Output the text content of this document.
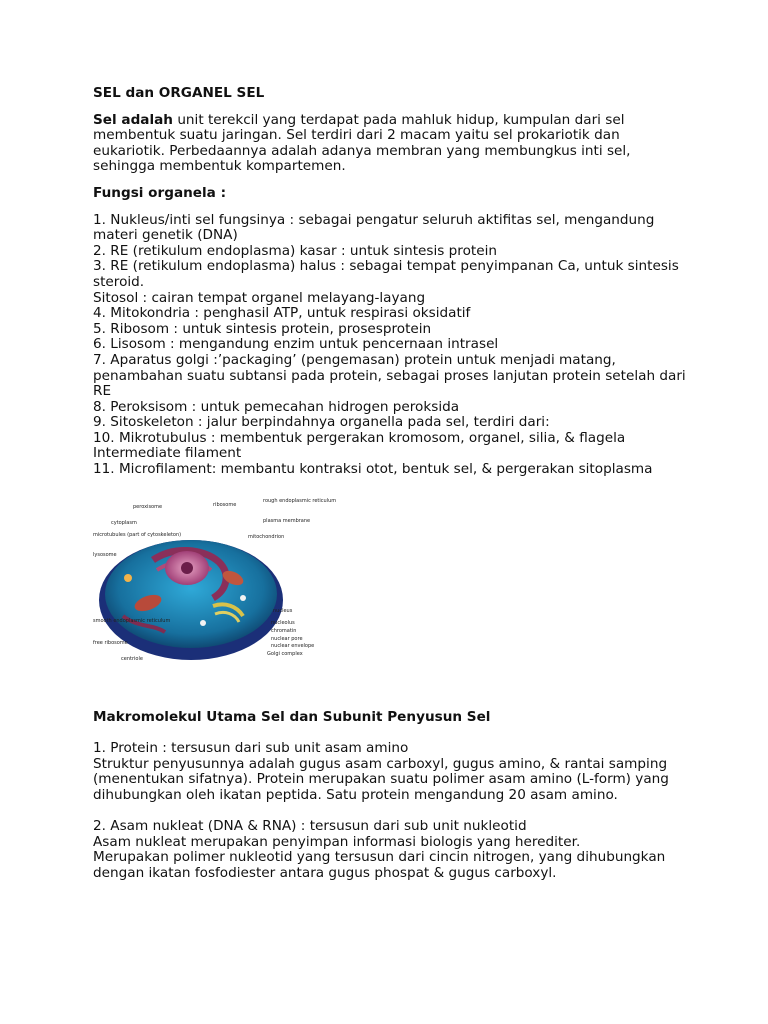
SEL dan ORGANEL SEL

Sel adalah unit terekcil yang terdapat pada mahluk hidup, kumpulan dari sel membentuk suatu jaringan. Sel terdiri dari 2 macam yaitu sel prokariotik dan eukariotik. Perbedaannya adalah adanya membran yang membungkus inti sel, sehingga membentuk kompartemen.

Fungsi organela :

1. Nukleus/inti sel fungsinya : sebagai pengatur seluruh aktifitas sel, mengandung materi genetik (DNA)

2. RE (retikulum endoplasma) kasar : untuk sintesis protein

3. RE (retikulum endoplasma) halus : sebagai tempat penyimpanan Ca, untuk sintesis steroid.

Sitosol : cairan tempat organel melayang-layang

4. Mitokondria : penghasil ATP, untuk respirasi oksidatif

5. Ribosom : untuk sintesis protein, prosesprotein

6. Lisosom : mengandung enzim untuk pencernaan intrasel

7. Aparatus golgi :’packaging’ (pengemasan) protein untuk menjadi matang, penambahan suatu subtansi pada protein, sebagai proses lanjutan protein setelah dari RE

8. Peroksisom : untuk pemecahan hidrogen peroksida

9. Sitoskeleton : jalur berpindahnya organella pada sel, terdiri dari:

10. Mikrotubulus : membentuk pergerakan kromosom, organel, silia, & flagela Intermediate filament

11. Microfilament: membantu kontraksi otot, bentuk sel, & pergerakan sitoplasma

peroxisome	ribosome
rough endoplasmic reticulum
plasma membrane
mitochondrion
cytoplasm
microtubules (part of cytoskeleton)
lysosome
smooth endoplasmic reticulum
free ribosome
centriole
nucleus
nucleolus
chromatin
nuclear pore
nuclear envelope
Golgi complex

Makromolekul Utama Sel dan Subunit Penyusun Sel

1. Protein : tersusun dari sub unit asam amino

Struktur penyusunnya adalah gugus asam carboxyl, gugus amino, & rantai samping (menentukan sifatnya). Protein merupakan suatu polimer asam amino (L-form) yang dihubungkan oleh ikatan peptida. Satu protein mengandung 20 asam amino.

2. Asam nukleat (DNA & RNA) : tersusun dari sub unit nukleotid

Asam nukleat merupakan penyimpan informasi biologis yang herediter.

Merupakan polimer nukleotid yang tersusun dari cincin nitrogen, yang dihubungkan dengan ikatan fosfodiester antara gugus phospat & gugus carboxyl.
